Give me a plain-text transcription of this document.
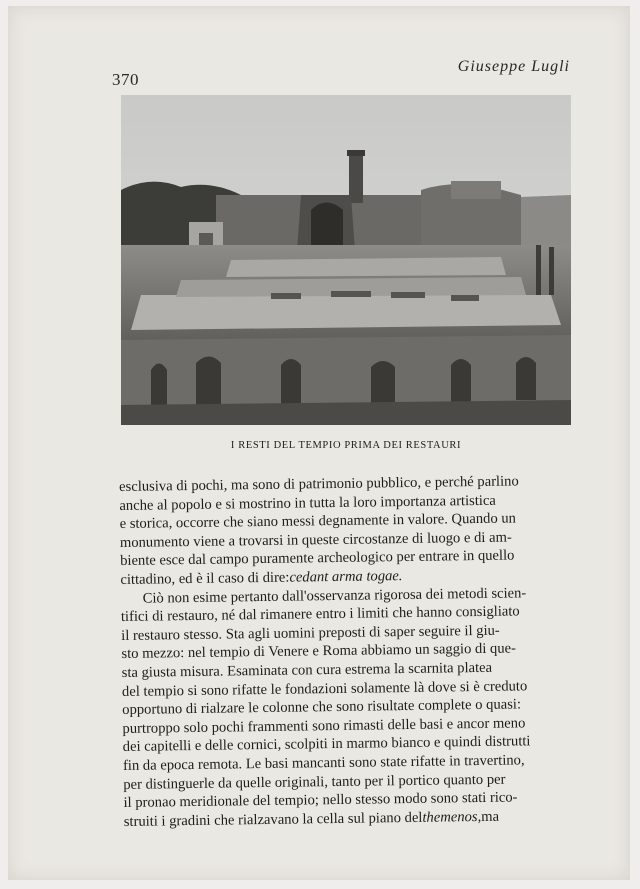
370
Giuseppe Lugli
I RESTI DEL TEMPIO PRIMA DEI RESTAURI
esclusiva di pochi, ma sono di patrimonio pubblico, e perché parlino
anche al popolo e si mostrino in tutta la loro importanza artistica
e storica, occorre che siano messi degnamente in valore. Quando un
monumento viene a trovarsi in queste circostanze di luogo e di am-
biente esce dal campo puramente archeologico per entrare in quello
cittadino, ed è il caso di dire: cedant arma togae.
Ciò non esime pertanto dall'osservanza rigorosa dei metodi scien-
tifici di restauro, né dal rimanere entro i limiti che hanno consigliato
il restauro stesso. Sta agli uomini preposti di saper seguire il giu-
sto mezzo: nel tempio di Venere e Roma abbiamo un saggio di que-
sta giusta misura. Esaminata con cura estrema la scarnita platea
del tempio si sono rifatte le fondazioni solamente là dove si è creduto
opportuno di rialzare le colonne che sono risultate complete o quasi:
purtroppo solo pochi frammenti sono rimasti delle basi e ancor meno
dei capitelli e delle cornici, scolpiti in marmo bianco e quindi distrutti
fin da epoca remota. Le basi mancanti sono state rifatte in travertino,
per distinguerle da quelle originali, tanto per il portico quanto per
il pronao meridionale del tempio; nello stesso modo sono stati rico-
struiti i gradini che rialzavano la cella sul piano del themenos, ma
